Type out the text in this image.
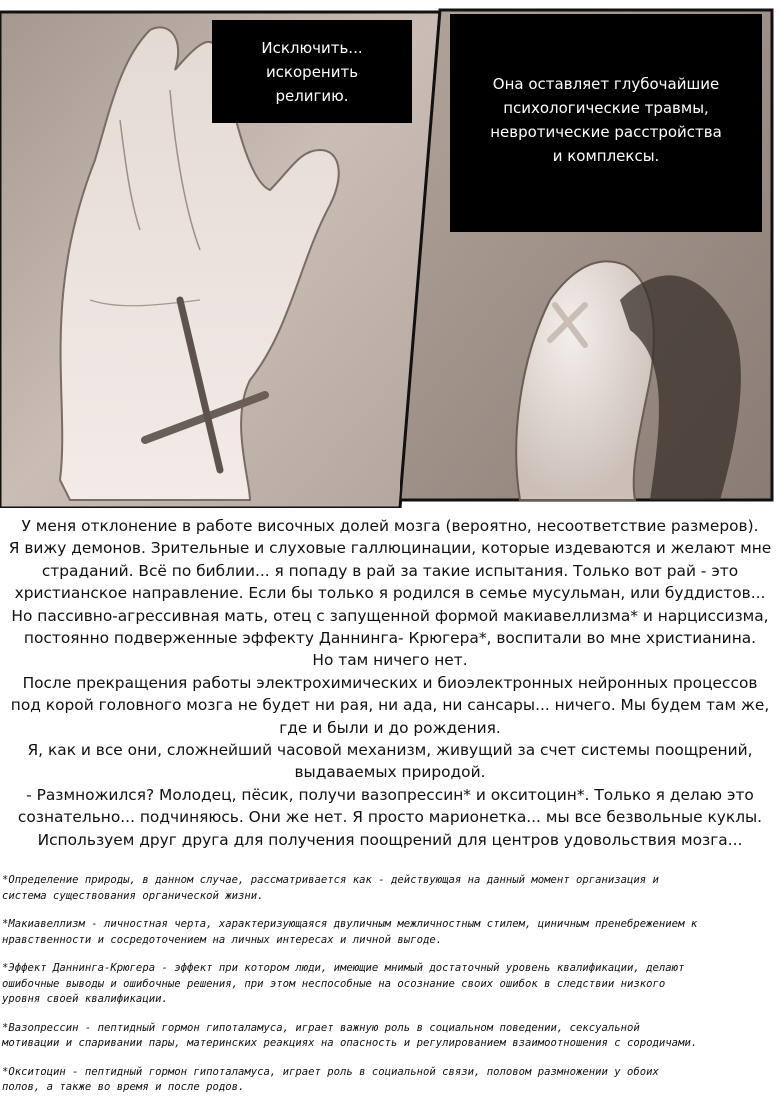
Исключить...
искоренить
религию.
Она оставляет глубочайшие
психологические травмы,
невротические расстройства
и комплексы.
У меня отклонение в работе височных долей мозга (вероятно, несоответствие размеров).
Я вижу демонов. Зрительные и слуховые галлюцинации, которые издеваются и желают мне
страданий. Всё по библии... я попаду в рай за такие испытания. Только вот рай - это
христианское направление. Если бы только я родился в семье мусульман, или буддистов...
Но пассивно-агрессивная мать, отец с запущенной формой макиавеллизма* и нарциссизма,
постоянно подверженные эффекту Даннинга- Крюгера*, воспитали во мне христианина.
Но там ничего нет.
После прекращения работы электрохимических и биоэлектронных нейронных процессов
под корой головного мозга не будет ни рая, ни ада, ни сансары... ничего. Мы будем там же,
где и были и до рождения.
Я, как и все они, сложнейший часовой механизм, живущий за счет системы поощрений,
выдаваемых природой.
- Размножился? Молодец, пёсик, получи вазопрессин* и окситоцин*. Только я делаю это
сознательно... подчиняюсь. Они же нет. Я просто марионетка... мы все безвольные куклы.
Используем друг друга для получения поощрений для центров удовольствия мозга...
*Определение природы, в данном случае, рассматривается как - действующая на данный момент организация и
система существования органической жизни.
*Макиавеллизм - личностная черта, характеризующаяся двуличным межличностным стилем, циничным пренебрежением к
нравственности и сосредоточением на личных интересах и личной выгоде.
*Эффект Даннинга-Крюгера - эффект при котором люди, имеющие мнимый достаточный уровень квалификации, делают
ошибочные выводы и ошибочные решения, при этом неспособные на осознание своих ошибок в следствии низкого
уровня своей квалификации.
*Вазопрессин - пептидный гормон гипоталамуса, играет важную роль в социальном поведении, сексуальной
мотивации и спаривании пары, материнских реакциях на опасность и регулированием взаимоотношения с сородичами.
*Окситоцин - пептидный гормон гипоталамуса, играет роль в социальной связи, половом размножении у обоих
полов, а также во время и после родов.
